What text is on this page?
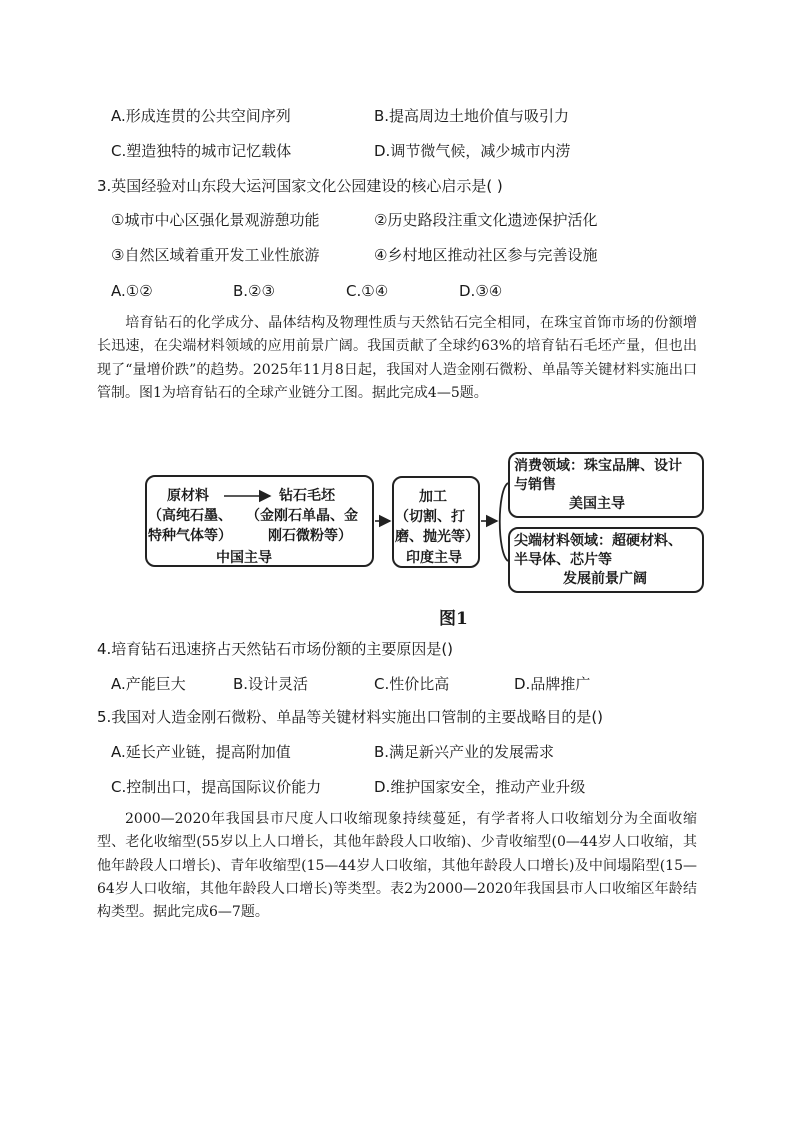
A.形成连贯的公共空间序列	B.提高周边土地价值与吸引力
C.塑造独特的城市记忆载体	D.调节微气候，减少城市内涝
3.英国经验对山东段大运河国家文化公园建设的核心启示是( )
①城市中心区强化景观游憩功能	②历史路段注重文化遗迹保护活化
③自然区域着重开发工业性旅游	④乡村地区推动社区参与完善设施
A.①②	B.②③	C.①④	D.③④
培育钻石的化学成分、晶体结构及物理性质与天然钻石完全相同，在珠宝首饰市场的份额增长迅速，在尖端材料领域的应用前景广阔。我国贡献了全球约63%的培育钻石毛坯产量，但也出现了“量增价跌”的趋势。2025年11月8日起，我国对人造金刚石微粉、单晶等关键材料实施出口管制。图1为培育钻石的全球产业链分工图。据此完成4—5题。
原材料
（高纯石墨、
特种气体等）
钻石毛坯
（金刚石单晶、金
刚石微粉等）
中国主导
加工
（切割、打
磨、抛光等）
印度主导
消费领域：珠宝品牌、设计
与销售
美国主导
尖端材料领域：超硬材料、
半导体、芯片等
发展前景广阔
图1
4.培育钻石迅速挤占天然钻石市场份额的主要原因是()
A.产能巨大	B.设计灵活	C.性价比高	D.品牌推广
5.我国对人造金刚石微粉、单晶等关键材料实施出口管制的主要战略目的是()
A.延长产业链，提高附加值	B.满足新兴产业的发展需求
C.控制出口，提高国际议价能力	D.维护国家安全，推动产业升级
2000—2020年我国县市尺度人口收缩现象持续蔓延，有学者将人口收缩划分为全面收缩型、老化收缩型(55岁以上人口增长，其他年龄段人口收缩)、少青收缩型(0—44岁人口收缩，其他年龄段人口增长)、青年收缩型(15—44岁人口收缩，其他年龄段人口增长)及中间塌陷型(15—64岁人口收缩，其他年龄段人口增长)等类型。表2为2000—2020年我国县市人口收缩区年龄结构类型。据此完成6—7题。
